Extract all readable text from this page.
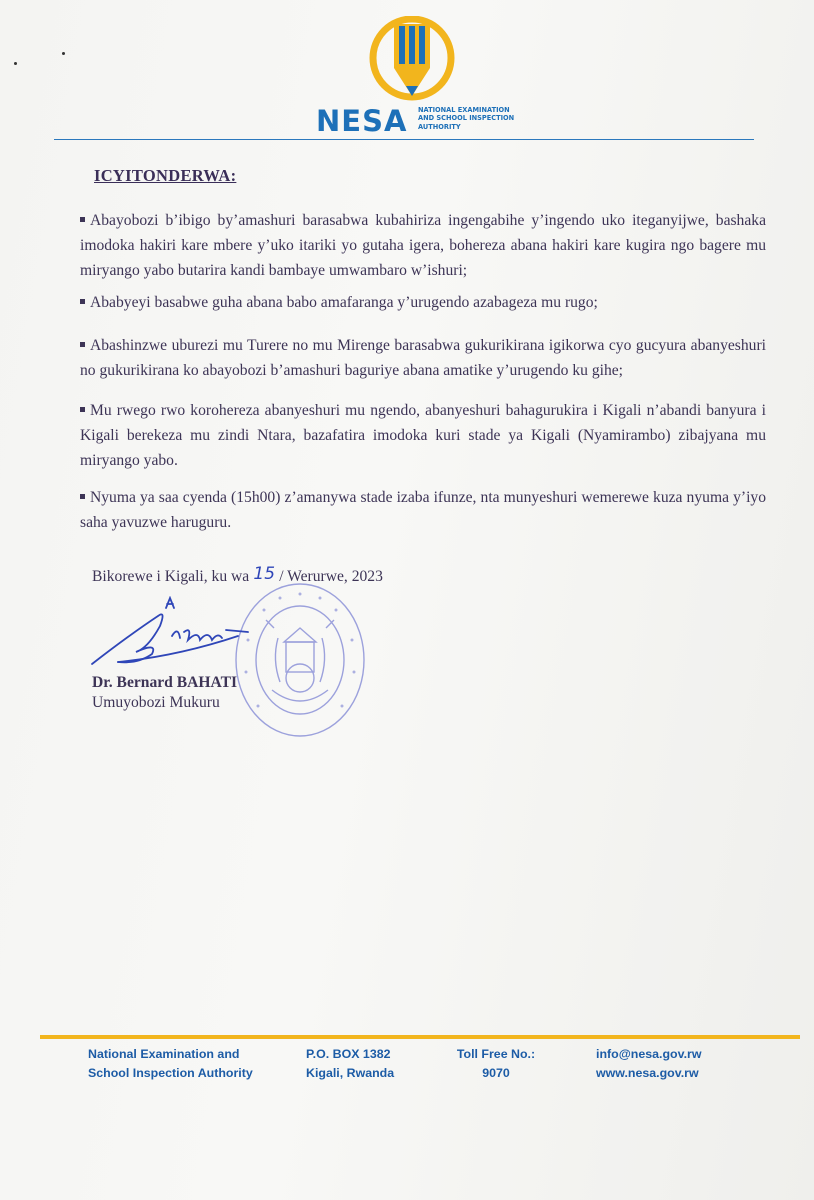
NESA NATIONAL EXAMINATION
AND SCHOOL INSPECTION
AUTHORITY
ICYITONDERWA:
Abayobozi b’ibigo by’amashuri barasabwa kubahiriza ingengabihe y’ingendo uko iteganyijwe, bashaka imodoka hakiri kare mbere y’uko itariki yo gutaha igera, bohereza abana hakiri kare kugira ngo bagere mu miryango yabo butarira kandi bambaye umwambaro w’ishuri;
Ababyeyi basabwe guha abana babo amafaranga y’urugendo azabageza mu rugo;
Abashinzwe uburezi mu Turere no mu Mirenge barasabwa gukurikirana igikorwa cyo gucyura abanyeshuri no gukurikirana ko abayobozi b’amashuri baguriye abana amatike y’urugendo ku gihe;
Mu rwego rwo korohereza abanyeshuri mu ngendo, abanyeshuri bahagurukira i Kigali n’abandi banyura i Kigali berekeza mu zindi Ntara, bazafatira imodoka kuri stade ya Kigali (Nyamirambo) zibajyana mu miryango yabo.
Nyuma ya saa cyenda (15h00) z’amanywa stade izaba ifunze, nta munyeshuri wemerewe kuza nyuma y’iyo saha yavuzwe haruguru.
Bikorewe i Kigali, ku wa 15 / Werurwe, 2023
Dr. Bernard BAHATI
Umuyobozi Mukuru
National Examination and
School Inspection Authority
P.O. BOX 1382
Kigali, Rwanda
Toll Free No.:
9070
info@nesa.gov.rw
www.nesa.gov.rw
